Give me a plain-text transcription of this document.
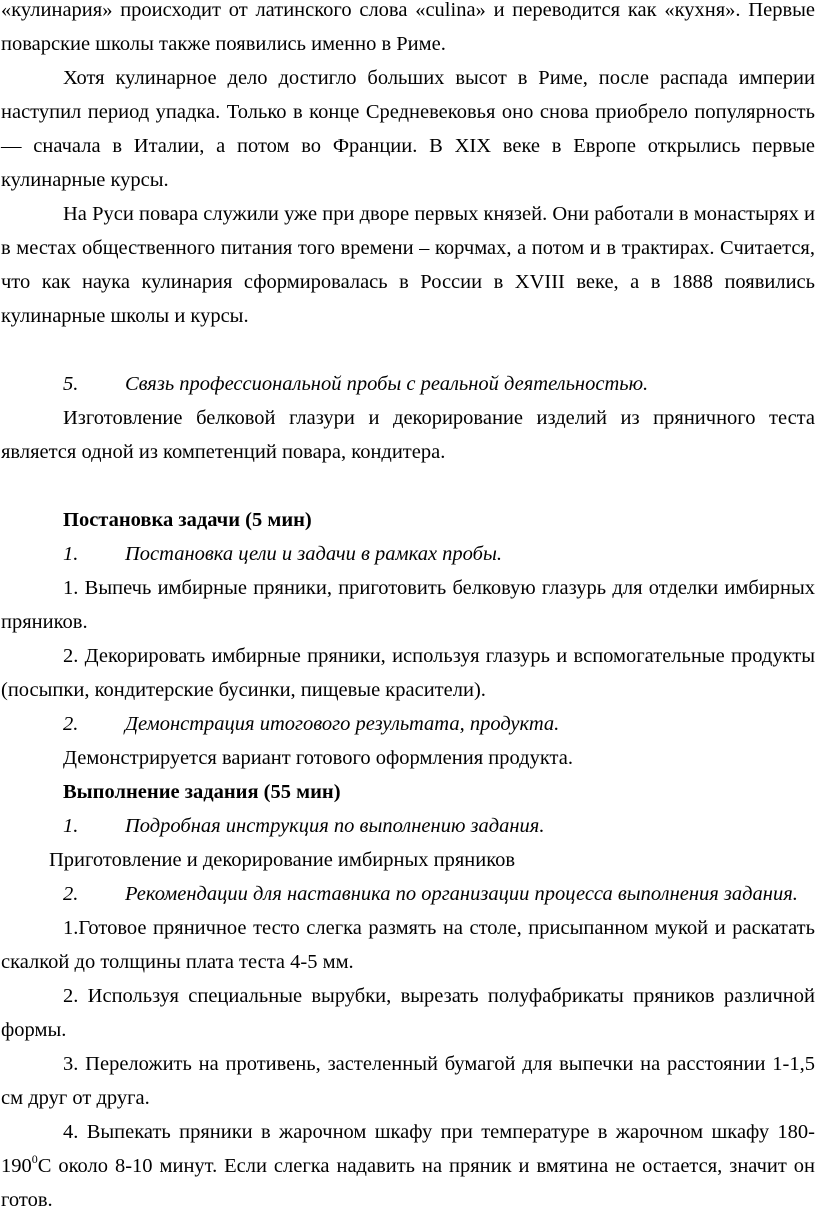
«кулинария» происходит от латинского слова «culina» и переводится как «кухня». Первые поварские школы также появились именно в Риме.

Хотя кулинарное дело достигло больших высот в Риме, после распада империи наступил период упадка. Только в конце Средневековья оно снова приобрело популярность — сначала в Италии, а потом во Франции. В XIX веке в Европе открылись первые кулинарные курсы.

На Руси повара служили уже при дворе первых князей. Они работали в монастырях и в местах общественного питания того времени – корчмах, а потом и в трактирах. Считается, что как наука кулинария сформировалась в России в XVIII веке, а в 1888 появились кулинарные школы и курсы.

5.	Связь профессиональной пробы с реальной деятельностью.

Изготовление белковой глазури и декорирование изделий из пряничного теста является одной из компетенций повара, кондитера.

Постановка задачи (5 мин)

1.	Постановка цели и задачи в рамках пробы.

1. Выпечь имбирные пряники, приготовить белковую глазурь для отделки имбирных пряников.

2. Декорировать имбирные пряники, используя глазурь и вспомогательные продукты (посыпки, кондитерские бусинки, пищевые красители).

2.	Демонстрация итогового результата, продукта.

Демонстрируется вариант готового оформления продукта.

Выполнение задания (55 мин)

1.	Подробная инструкция по выполнению задания.

Приготовление и декорирование имбирных пряников

2. Рекомендации для наставника по организации процесса выполнения задания.

1.Готовое пряничное тесто слегка размять на столе, присыпанном мукой и раскатать скалкой до толщины плата теста 4-5 мм.

2. Используя специальные вырубки, вырезать полуфабрикаты пряников различной формы.

3. Переложить на противень, застеленный бумагой для выпечки на расстоянии 1-1,5 см друг от друга.

4. Выпекать пряники в жарочном шкафу при температуре в жарочном шкафу 180- $190^0С$ около 8-10 минут. Если слегка надавить на пряник и вмятина не остается, значит он готов.
